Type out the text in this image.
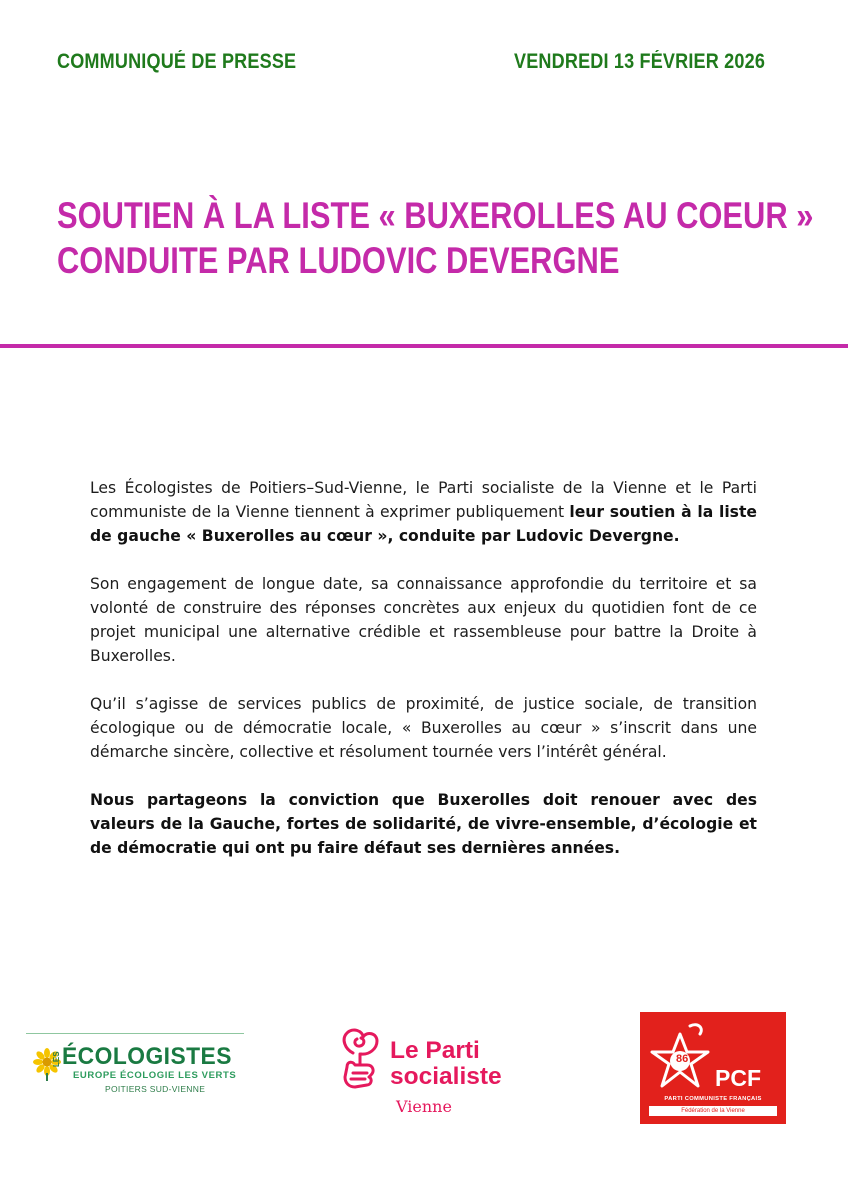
COMMUNIQUÉ DE PRESSE	VENDREDI 13 FÉVRIER 2026
SOUTIEN À LA LISTE « BUXEROLLES AU COEUR »
CONDUITE PAR LUDOVIC DEVERGNE

Les Écologistes de Poitiers–Sud-Vienne, le Parti socialiste de la Vienne et le Parti communiste de la Vienne tiennent à exprimer publiquement leur soutien à la liste de gauche « Buxerolles au cœur », conduite par Ludovic Devergne.

Son engagement de longue date, sa connaissance approfondie du territoire et sa volonté de construire des réponses concrètes aux enjeux du quotidien font de ce projet municipal une alternative crédible et rassembleuse pour battre la Droite à Buxerolles.

Qu’il s’agisse de services publics de proximité, de justice sociale, de transition écologique ou de démocratie locale, « Buxerolles au cœur » s’inscrit dans une démarche sincère, collective et résolument tournée vers l’intérêt général.

Nous partageons la conviction que Buxerolles doit renouer avec des valeurs de la Gauche, fortes de solidarité, de vivre-ensemble, d’écologie et de démocratie qui ont pu faire défaut ses dernières années.

LES ÉCOLOGISTES
EUROPE ÉCOLOGIE LES VERTS
POITIERS SUD-VIENNE
Le Parti
socialiste
Vienne
86
PCF
PARTI COMMUNISTE FRANÇAIS
Fédération de la Vienne
